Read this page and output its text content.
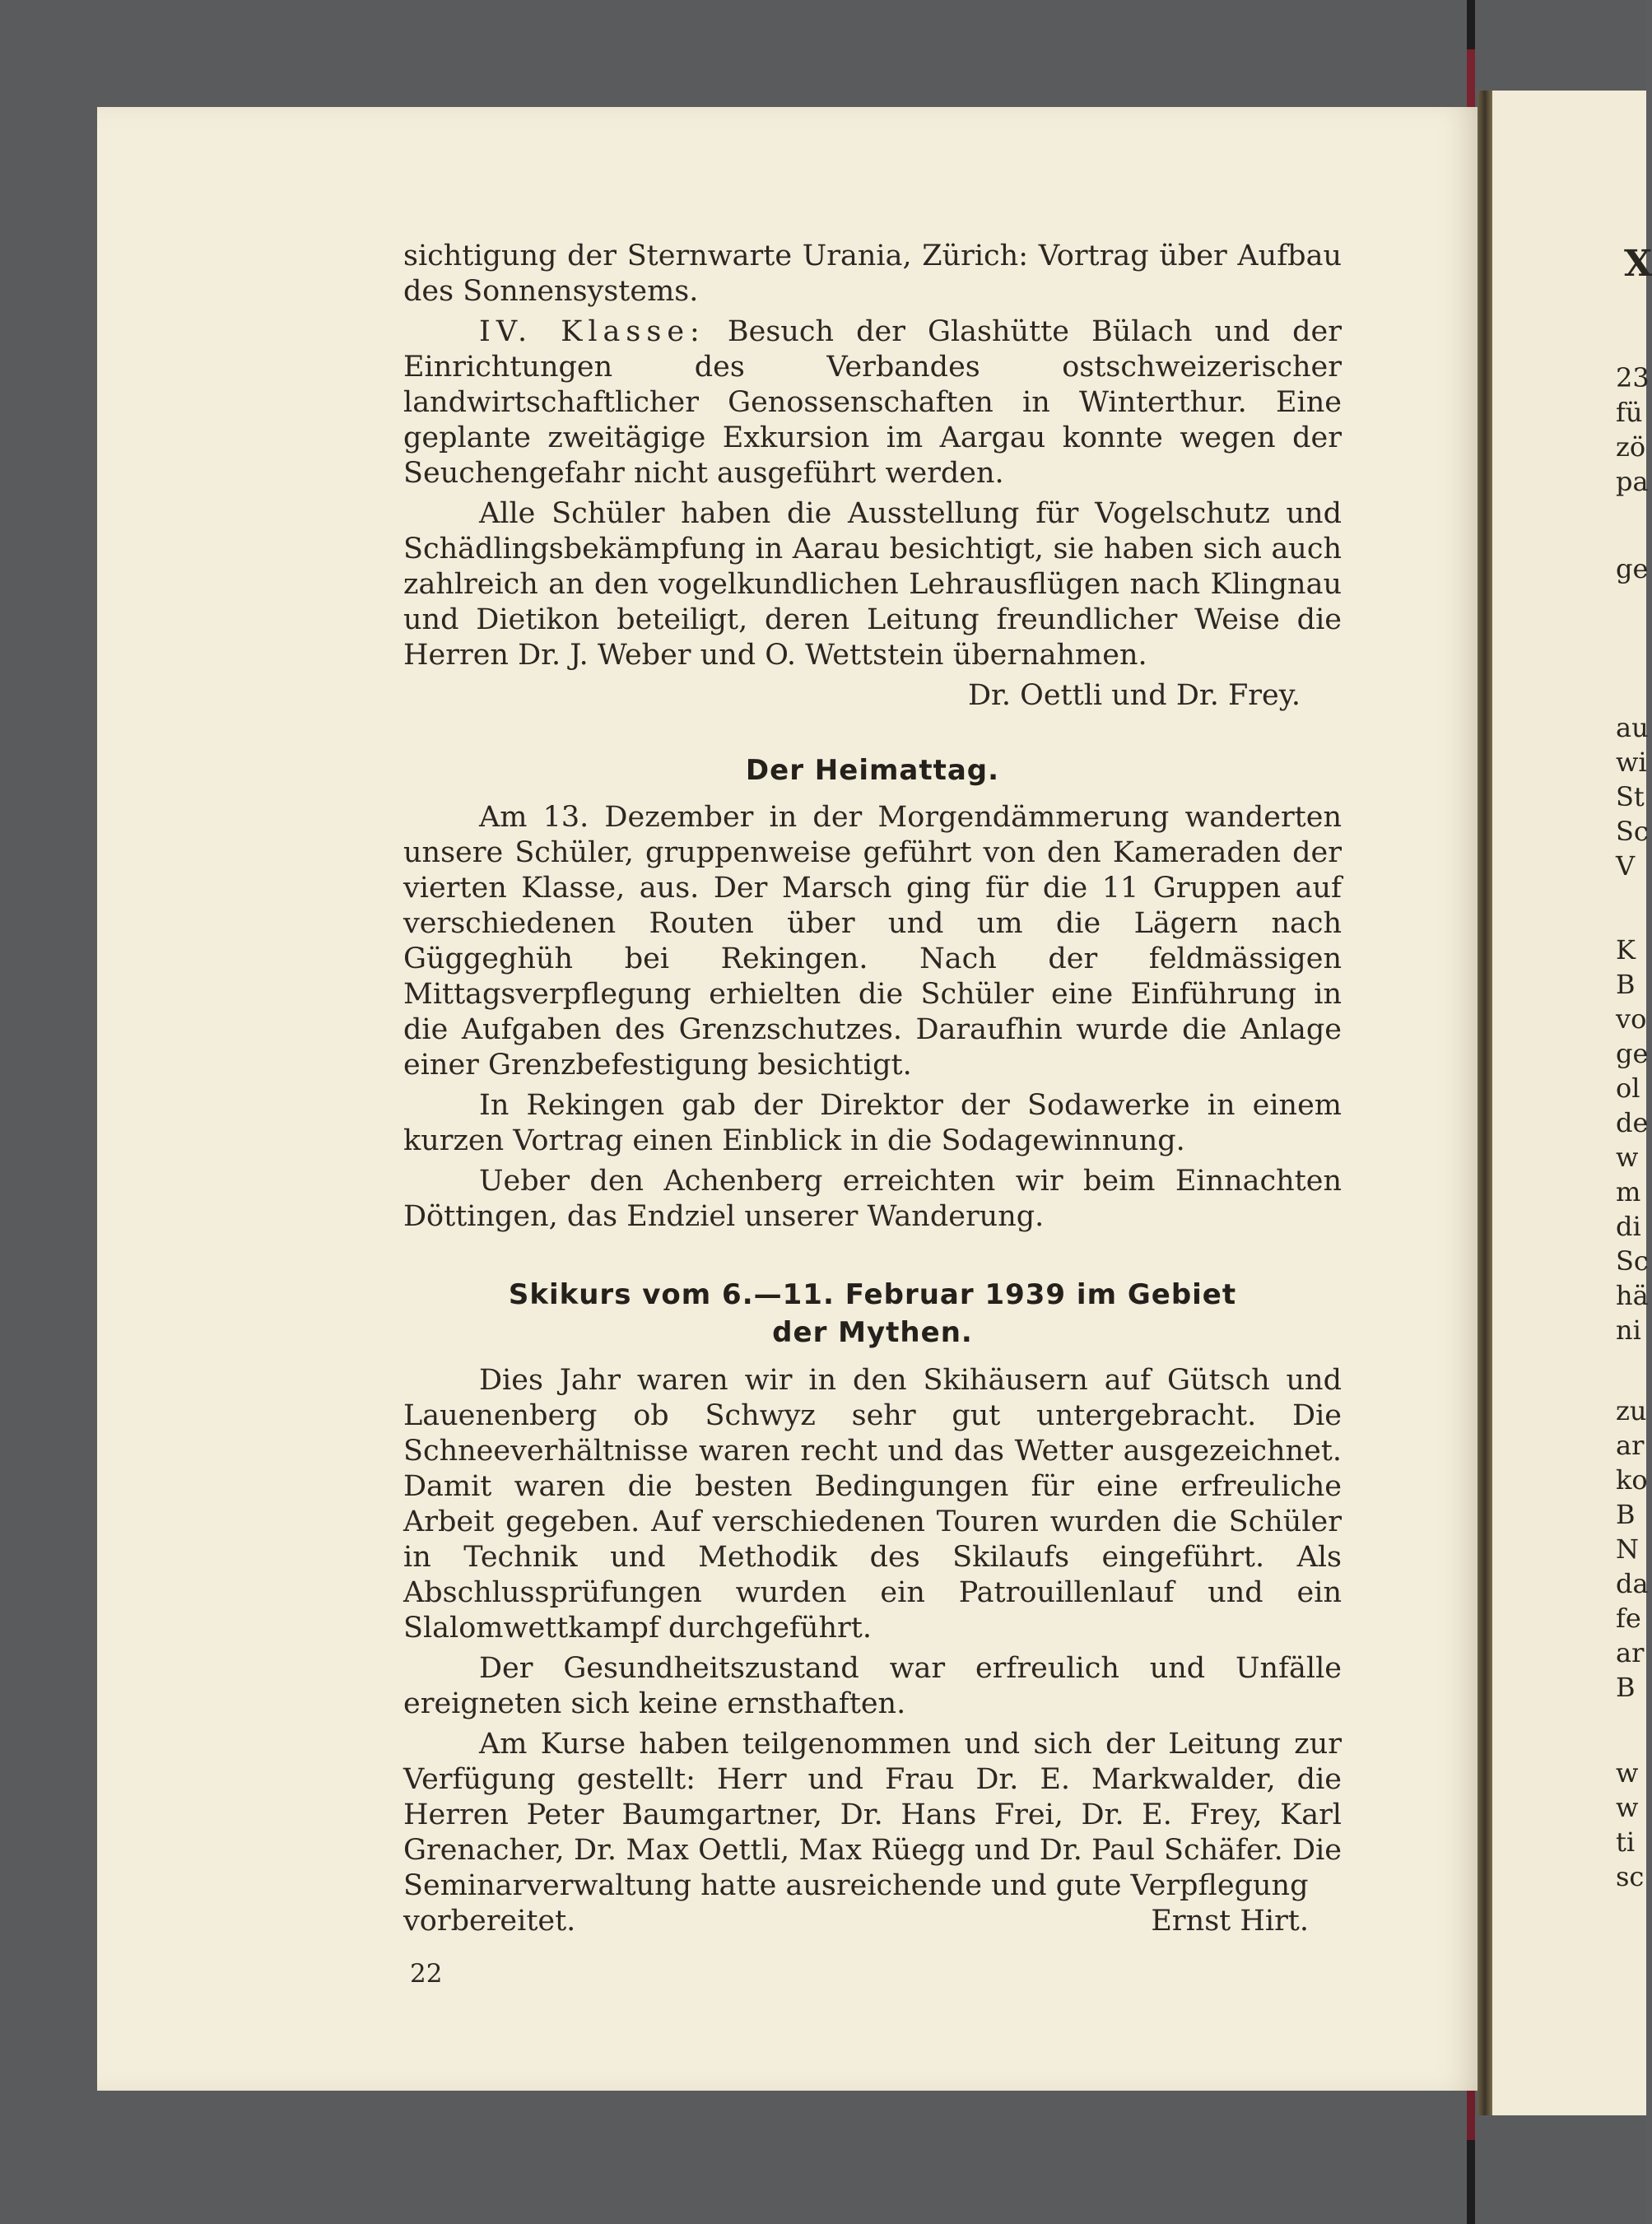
X
23
fü
zö
pa
ge
au
wi
St
Sc
V
K
B
vo
ge
ol
de
w
m
di
Sc
hä
ni
zu
ar
ko
B
N
da
fe
ar
B
w
w
ti
sc

sichtigung der Sternwarte Urania, Zürich: Vortrag über Aufbau des Sonnensystems.

IV. Klasse: Besuch der Glashütte Bülach und der Einrichtungen des Verbandes ostschweizerischer landwirtschaftlicher Genossenschaften in Winterthur. Eine geplante zweitägige Exkursion im Aargau konnte wegen der Seuchengefahr nicht ausgeführt werden.

Alle Schüler haben die Ausstellung für Vogelschutz und Schädlingsbekämpfung in Aarau besichtigt, sie haben sich auch zahlreich an den vogelkundlichen Lehrausflügen nach Klingnau und Dietikon beteiligt, deren Leitung freundlicher Weise die Herren Dr. J. Weber und O. Wettstein übernahmen.

Dr. Oettli und Dr. Frey.
Der Heimattag.

Am 13. Dezember in der Morgendämmerung wanderten unsere Schüler, gruppenweise geführt von den Kameraden der vierten Klasse, aus. Der Marsch ging für die 11 Gruppen auf verschiedenen Routen über und um die Lägern nach Güggeghüh bei Rekingen. Nach der feldmässigen Mittagsverpflegung erhielten die Schüler eine Einführung in die Aufgaben des Grenzschutzes. Daraufhin wurde die Anlage einer Grenzbefestigung besichtigt.

In Rekingen gab der Direktor der Sodawerke in einem kurzen Vortrag einen Einblick in die Sodagewinnung.

Ueber den Achenberg erreichten wir beim Einnachten Döttingen, das Endziel unserer Wanderung.

Skikurs vom 6.—11. Februar 1939 im Gebiet
der Mythen.

Dies Jahr waren wir in den Skihäusern auf Gütsch und Lauenenberg ob Schwyz sehr gut untergebracht. Die Schneeverhältnisse waren recht und das Wetter ausgezeichnet. Damit waren die besten Bedingungen für eine erfreuliche Arbeit gegeben. Auf verschiedenen Touren wurden die Schüler in Technik und Methodik des Skilaufs eingeführt. Als Abschlussprüfungen wurden ein Patrouillenlauf und ein Slalomwettkampf durchgeführt.

Der Gesundheitszustand war erfreulich und Unfälle ereigneten sich keine ernsthaften.

Am Kurse haben teilgenommen und sich der Leitung zur Verfügung gestellt: Herr und Frau Dr. E. Markwalder, die Herren Peter Baumgartner, Dr. Hans Frei, Dr. E. Frey, Karl Grenacher, Dr. Max Oettli, Max Rüegg und Dr. Paul Schäfer. Die Seminarverwaltung hatte ausreichende und gute Verpflegung

vorbereitet.	Ernst Hirt.
22
